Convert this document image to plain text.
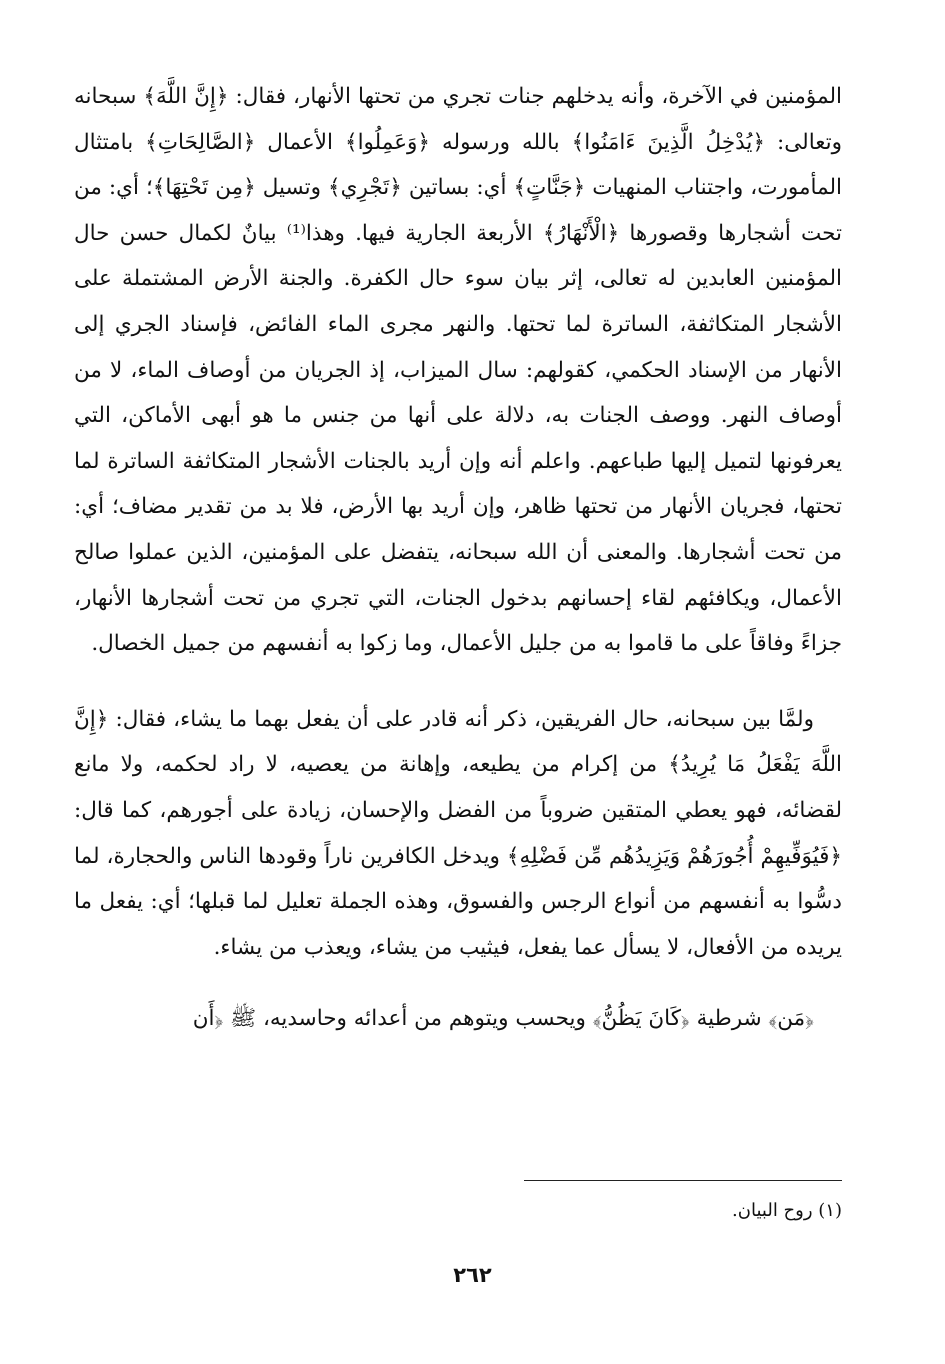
المؤمنين في الآخرة، وأنه يدخلهم جنات تجري من تحتها الأنهار، فقال: ﴿إِنَّ اللَّهَ﴾ سبحانه وتعالى: ﴿يُدْخِلُ الَّذِينَ ءَامَنُوا﴾ بالله ورسوله ﴿وَعَمِلُوا﴾ الأعمال ﴿الصَّالِحَاتِ﴾ بامتثال المأمورت، واجتناب المنهيات ﴿جَنَّاتٍ﴾ أي: بساتين ﴿تَجْرِي﴾ وتسيل ﴿مِن تَحْتِهَا﴾؛ أي: من تحت أشجارها وقصورها ﴿الْأَنْهَارُ﴾ الأربعة الجارية فيها. وهذا⁽¹⁾ بيانٌ لكمال حسن حال المؤمنين العابدين له تعالى، إثر بيان سوء حال الكفرة. والجنة الأرض المشتملة على الأشجار المتكاثفة، الساترة لما تحتها. والنهر مجرى الماء الفائض، فإسناد الجري إلى الأنهار من الإسناد الحكمي، كقولهم: سال الميزاب، إذ الجريان من أوصاف الماء، لا من أوصاف النهر. ووصف الجنات به، دلالة على أنها من جنس ما هو أبهى الأماكن، التي يعرفونها لتميل إليها طباعهم. واعلم أنه وإن أريد بالجنات الأشجار المتكاثفة الساترة لما تحتها، فجريان الأنهار من تحتها ظاهر، وإن أريد بها الأرض، فلا بد من تقدير مضاف؛ أي: من تحت أشجارها. والمعنى أن الله سبحانه، يتفضل على المؤمنين، الذين عملوا صالح الأعمال، ويكافئهم لقاء إحسانهم بدخول الجنات، التي تجري من تحت أشجارها الأنهار، جزاءً وفاقاً على ما قاموا به من جليل الأعمال، وما زكوا به أنفسهم من جميل الخصال.

ولمَّا بين سبحانه، حال الفريقين، ذكر أنه قادر على أن يفعل بهما ما يشاء، فقال: ﴿إِنَّ اللَّهَ يَفْعَلُ مَا يُرِيدُ﴾ من إكرام من يطيعه، وإهانة من يعصيه، لا راد لحكمه، ولا مانع لقضائه، فهو يعطي المتقين ضروباً من الفضل والإحسان، زيادة على أجورهم، كما قال: ﴿فَيُوَفِّيهِمْ أُجُورَهُمْ وَيَزِيدُهُم مِّن فَضْلِهِ﴾ ويدخل الكافرين ناراً وقودها الناس والحجارة، لما دسُّوا به أنفسهم من أنواع الرجس والفسوق، وهذه الجملة تعليل لما قبلها؛ أي: يفعل ما يريده من الأفعال، لا يسأل عما يفعل، فيثيب من يشاء، ويعذب من يشاء.

﴿مَن﴾ شرطية ﴿كَانَ يَظُنُّ﴾ ويحسب ويتوهم من أعدائه وحاسديه، ﷺ ﴿أَن

(١) روح البيان.
٢٦٢
